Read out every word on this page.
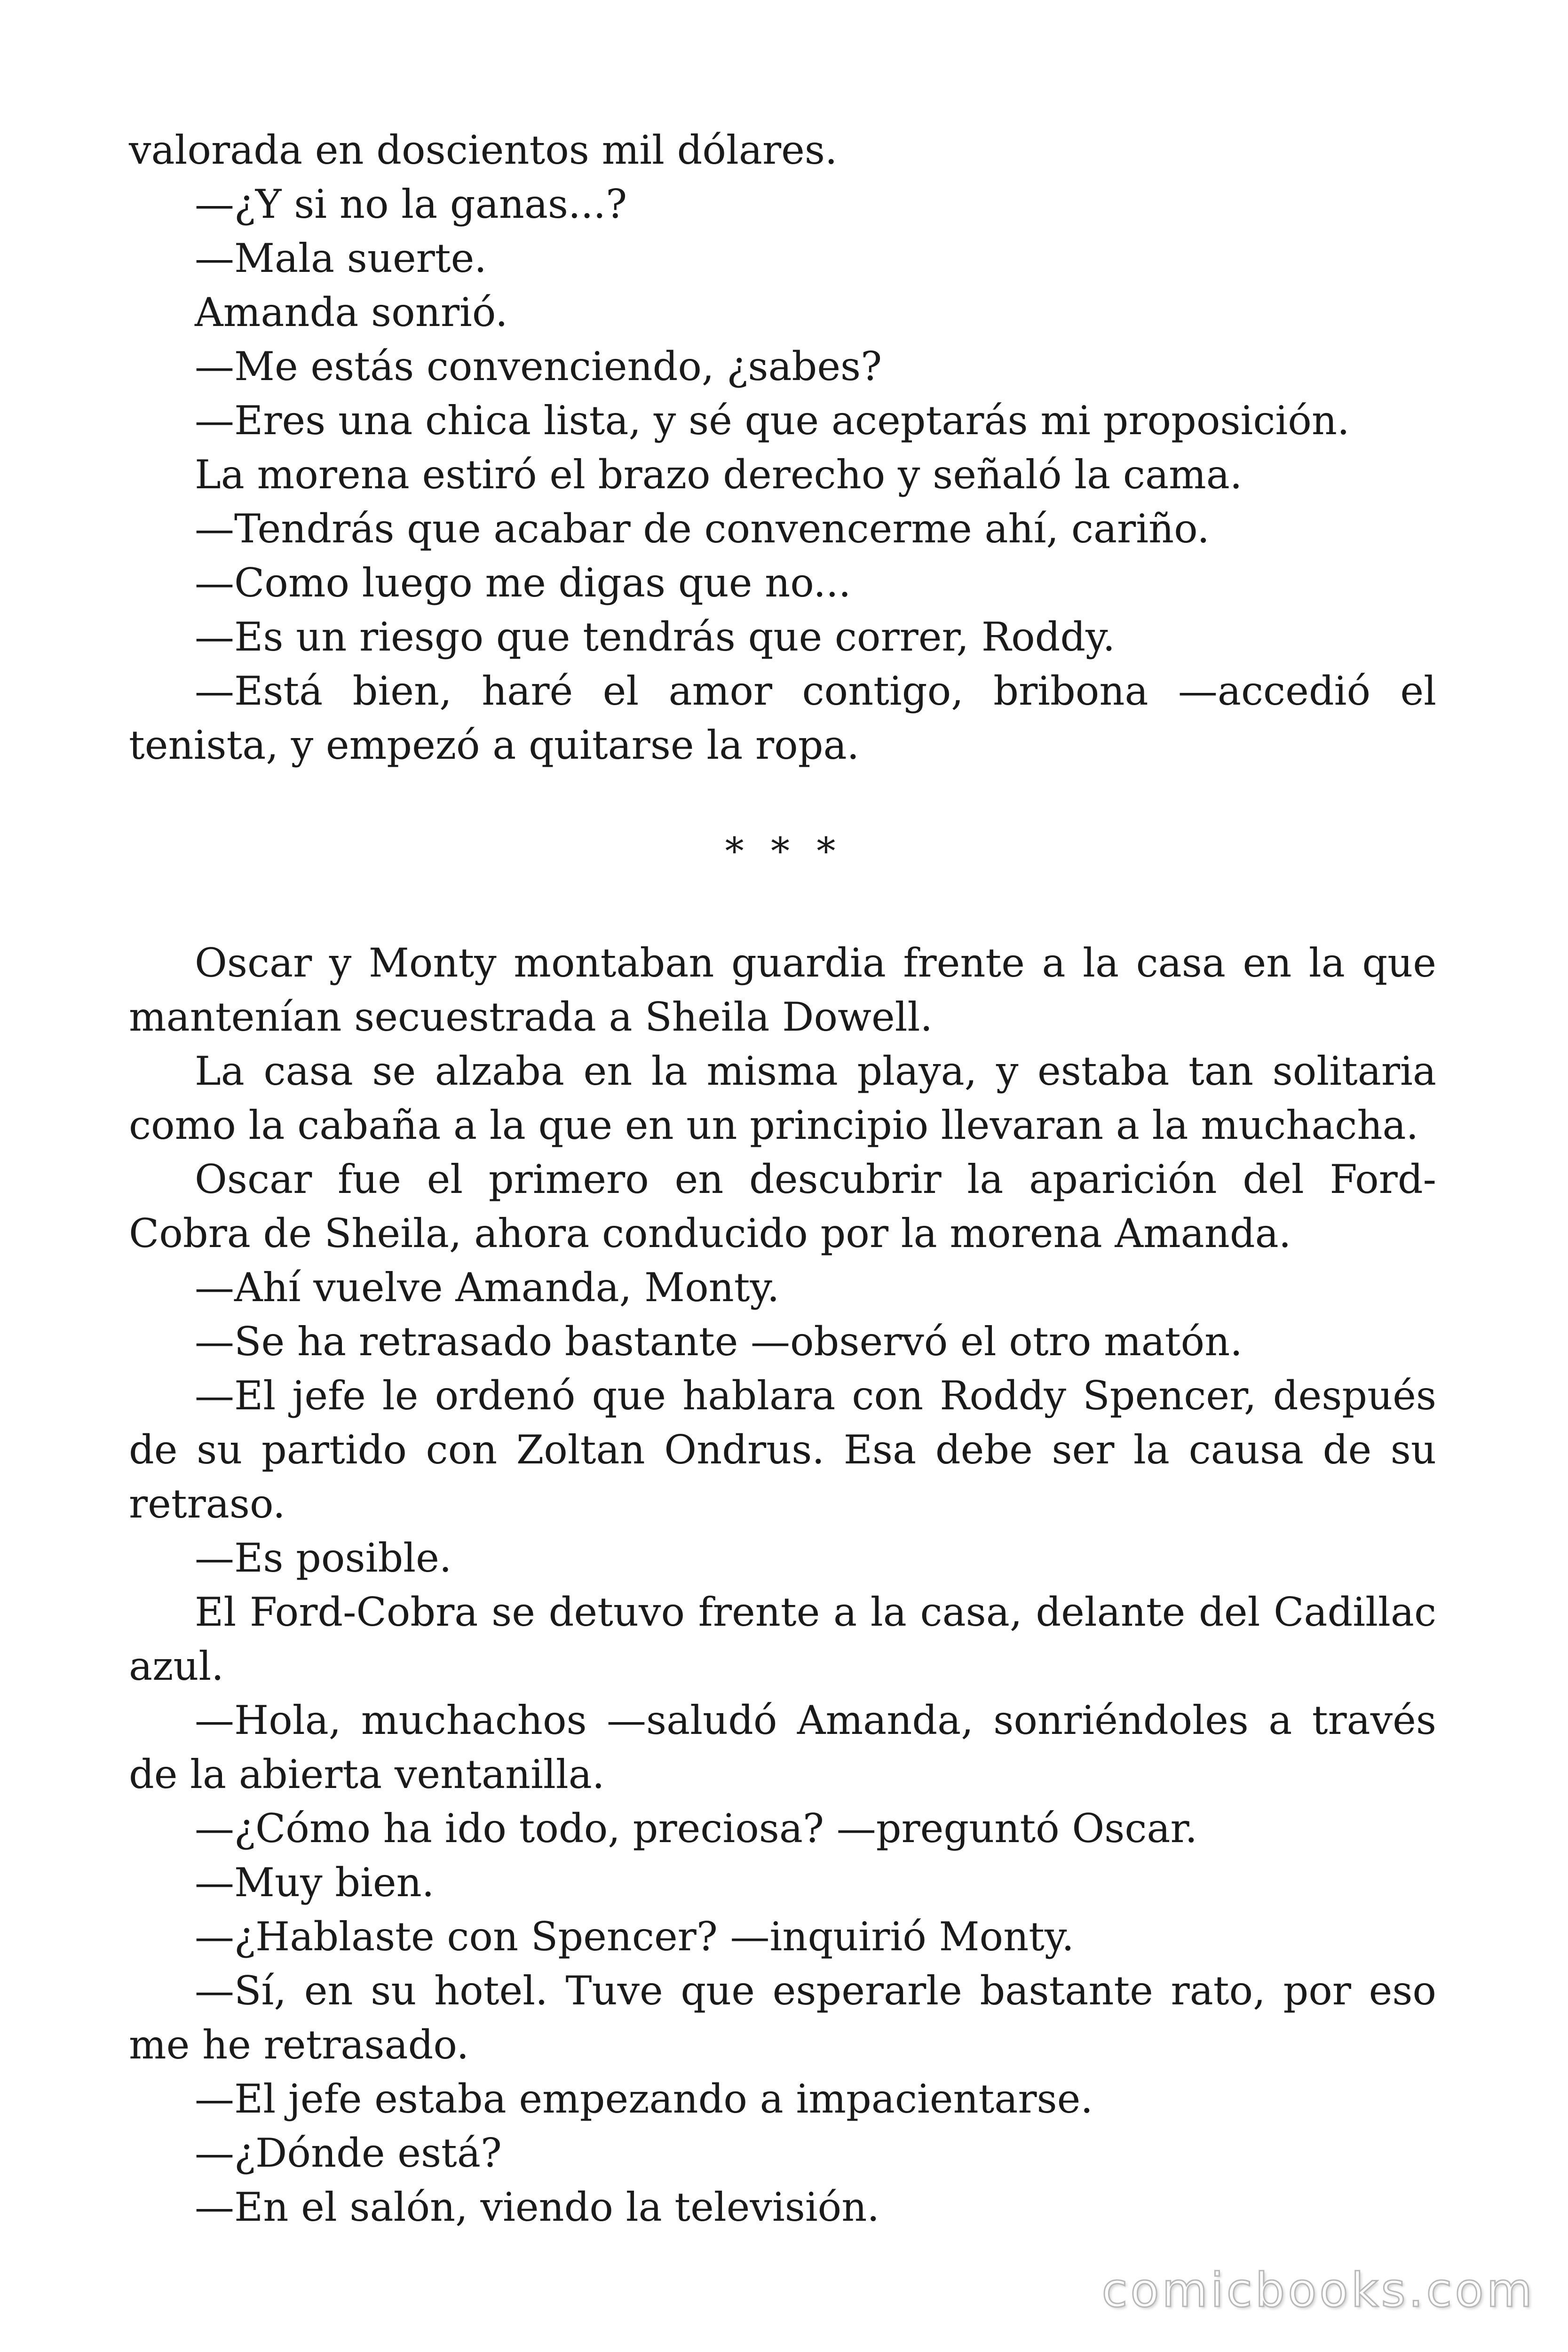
valorada en doscientos mil dólares.

—¿Y si no la ganas...?

—Mala suerte.

Amanda sonrió.

—Me estás convenciendo, ¿sabes?

—Eres una chica lista, y sé que aceptarás mi proposición.

La morena estiró el brazo derecho y señaló la cama.

—Tendrás que acabar de convencerme ahí, cariño.

—Como luego me digas que no...

—Es un riesgo que tendrás que correr, Roddy.

—Está bien, haré el amor contigo, bribona —accedió el tenista, y empezó a quitarse la ropa.

* * *

Oscar y Monty montaban guardia frente a la casa en la que mantenían secuestrada a Sheila Dowell.

La casa se alzaba en la misma playa, y estaba tan solitaria como la cabaña a la que en un principio llevaran a la muchacha.

Oscar fue el primero en descubrir la aparición del Ford-Cobra de Sheila, ahora conducido por la morena Amanda.

—Ahí vuelve Amanda, Monty.

—Se ha retrasado bastante —observó el otro matón.

—El jefe le ordenó que hablara con Roddy Spencer, después de su partido con Zoltan Ondrus. Esa debe ser la causa de su retraso.

—Es posible.

El Ford-Cobra se detuvo frente a la casa, delante del Cadillac azul.

—Hola, muchachos —saludó Amanda, sonriéndoles a través de la abierta ventanilla.

—¿Cómo ha ido todo, preciosa? —preguntó Oscar.

—Muy bien.

—¿Hablaste con Spencer? —inquirió Monty.

—Sí, en su hotel. Tuve que esperarle bastante rato, por eso me he retrasado.

—El jefe estaba empezando a impacientarse.

—¿Dónde está?

—En el salón, viendo la televisión.

comicbooks.com
